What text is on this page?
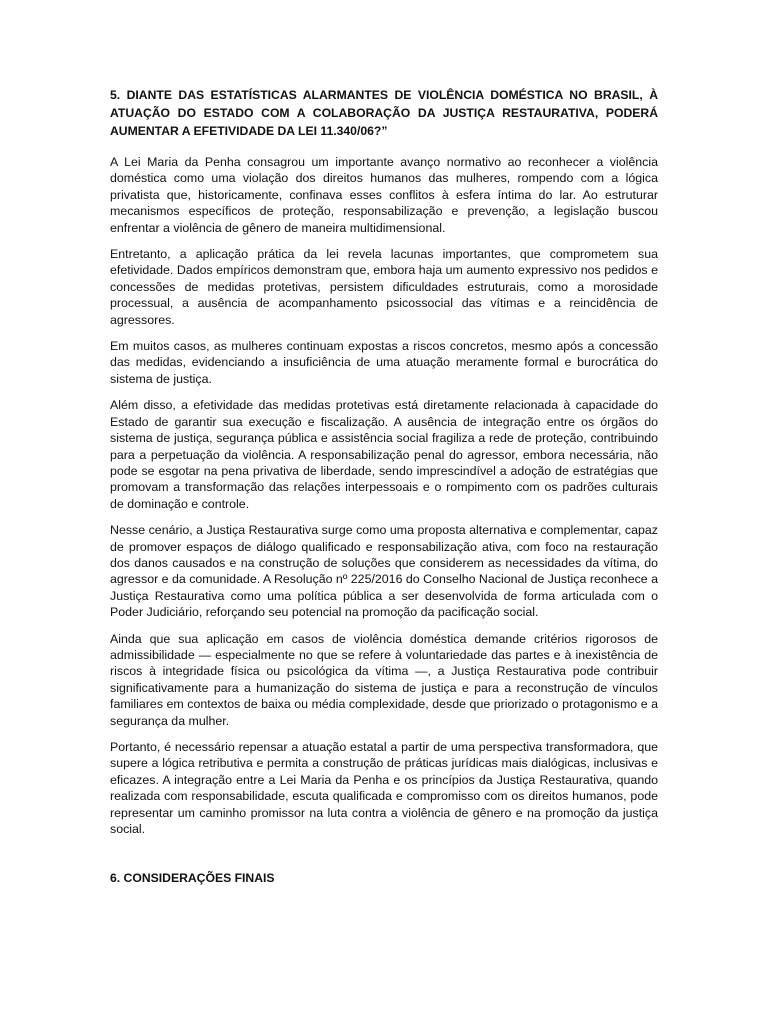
5. DIANTE DAS ESTATÍSTICAS ALARMANTES DE VIOLÊNCIA DOMÉSTICA NO BRASIL, À ATUAÇÃO DO ESTADO COM A COLABORAÇÃO DA JUSTIÇA RESTAURATIVA, PODERÁ AUMENTAR A EFETIVIDADE DA LEI 11.340/06?”

A Lei Maria da Penha consagrou um importante avanço normativo ao reconhecer a violência doméstica como uma violação dos direitos humanos das mulheres, rompendo com a lógica privatista que, historicamente, confinava esses conflitos à esfera íntima do lar. Ao estruturar mecanismos específicos de proteção, responsabilização e prevenção, a legislação buscou enfrentar a violência de gênero de maneira multidimensional.

Entretanto, a aplicação prática da lei revela lacunas importantes, que comprometem sua efetividade. Dados empíricos demonstram que, embora haja um aumento expressivo nos pedidos e concessões de medidas protetivas, persistem dificuldades estruturais, como a morosidade processual, a ausência de acompanhamento psicossocial das vítimas e a reincidência de agressores.

Em muitos casos, as mulheres continuam expostas a riscos concretos, mesmo após a concessão das medidas, evidenciando a insuficiência de uma atuação meramente formal e burocrática do sistema de justiça.

Além disso, a efetividade das medidas protetivas está diretamente relacionada à capacidade do Estado de garantir sua execução e fiscalização. A ausência de integração entre os órgãos do sistema de justiça, segurança pública e assistência social fragiliza a rede de proteção, contribuindo para a perpetuação da violência. A responsabilização penal do agressor, embora necessária, não pode se esgotar na pena privativa de liberdade, sendo imprescindível a adoção de estratégias que promovam a transformação das relações interpessoais e o rompimento com os padrões culturais de dominação e controle.

Nesse cenário, a Justiça Restaurativa surge como uma proposta alternativa e complementar, capaz de promover espaços de diálogo qualificado e responsabilização ativa, com foco na restauração dos danos causados e na construção de soluções que considerem as necessidades da vítima, do agressor e da comunidade. A Resolução nº 225/2016 do Conselho Nacional de Justiça reconhece a Justiça Restaurativa como uma política pública a ser desenvolvida de forma articulada com o Poder Judiciário, reforçando seu potencial na promoção da pacificação social.

Ainda que sua aplicação em casos de violência doméstica demande critérios rigorosos de admissibilidade — especialmente no que se refere à voluntariedade das partes e à inexistência de riscos à integridade física ou psicológica da vítima —, a Justiça Restaurativa pode contribuir significativamente para a humanização do sistema de justiça e para a reconstrução de vínculos familiares em contextos de baixa ou média complexidade, desde que priorizado o protagonismo e a segurança da mulher.

Portanto, é necessário repensar a atuação estatal a partir de uma perspectiva transformadora, que supere a lógica retributiva e permita a construção de práticas jurídicas mais dialógicas, inclusivas e eficazes. A integração entre a Lei Maria da Penha e os princípios da Justiça Restaurativa, quando realizada com responsabilidade, escuta qualificada e compromisso com os direitos humanos, pode representar um caminho promissor na luta contra a violência de gênero e na promoção da justiça social.

6. CONSIDERAÇÕES FINAIS
